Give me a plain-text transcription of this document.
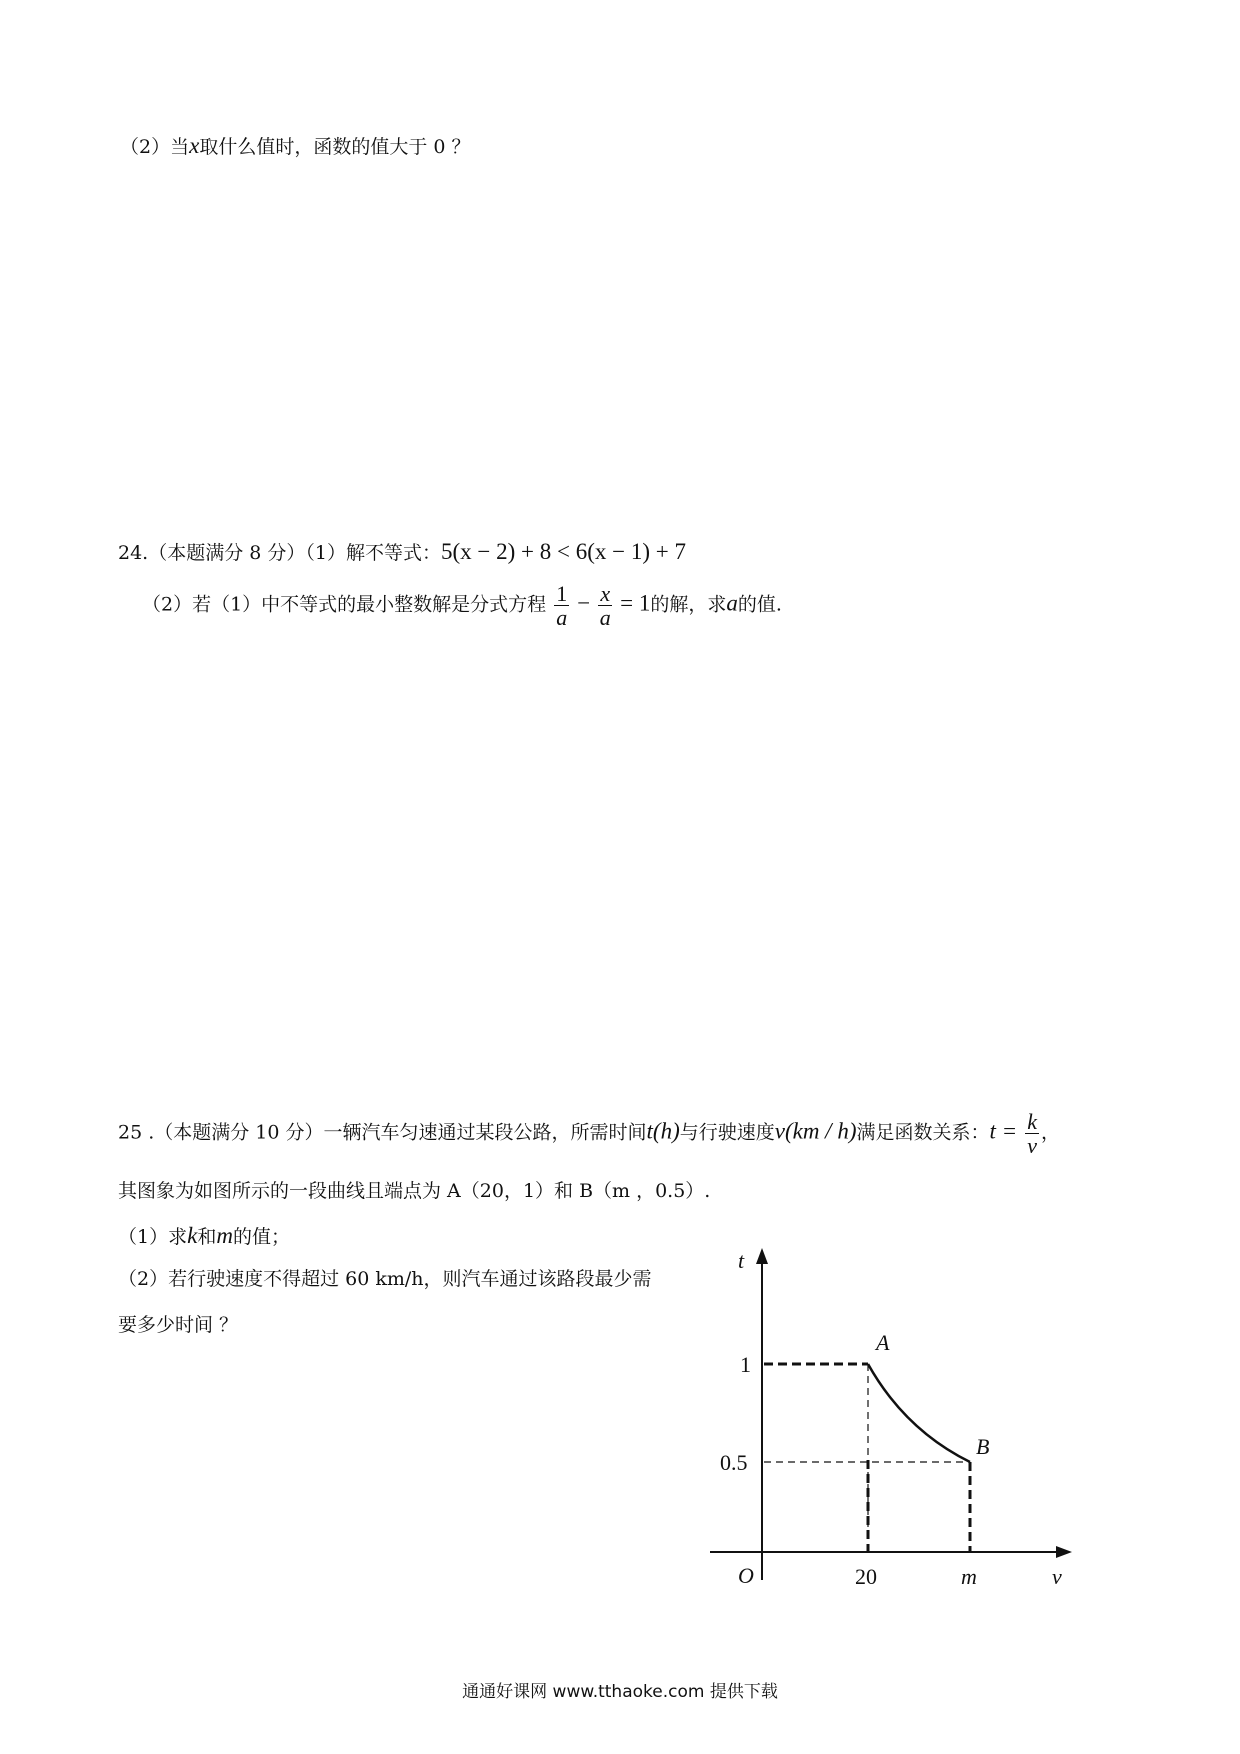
（2）当x取什么值时，函数的值大于 0 ？
24.（本题满分 8 分）（1）解不等式：5(x − 2) + 8 < 6(x − 1) + 7
（2）若（1）中不等式的最小整数解是分式方程 $\frac{1}{a} - \frac{x}{a} = 1$的解，求a的值.
25 .（本题满分 10 分）一辆汽车匀速通过某段公路，所需时间t(h)与行驶速度v(km / h)满足函数关系：$t = \frac{k}{v}$ ，
其图象为如图所示的一段曲线且端点为 A（20，1）和 B（m ，0.5）.
（1）求k和m的值；
（2）若行驶速度不得超过 60 km/h，则汽车通过该路段最少需
要多少时间 ？
t
v
O
1
0.5
20	m
A
B
通通好课网 www.tthaoke.com 提供下载
